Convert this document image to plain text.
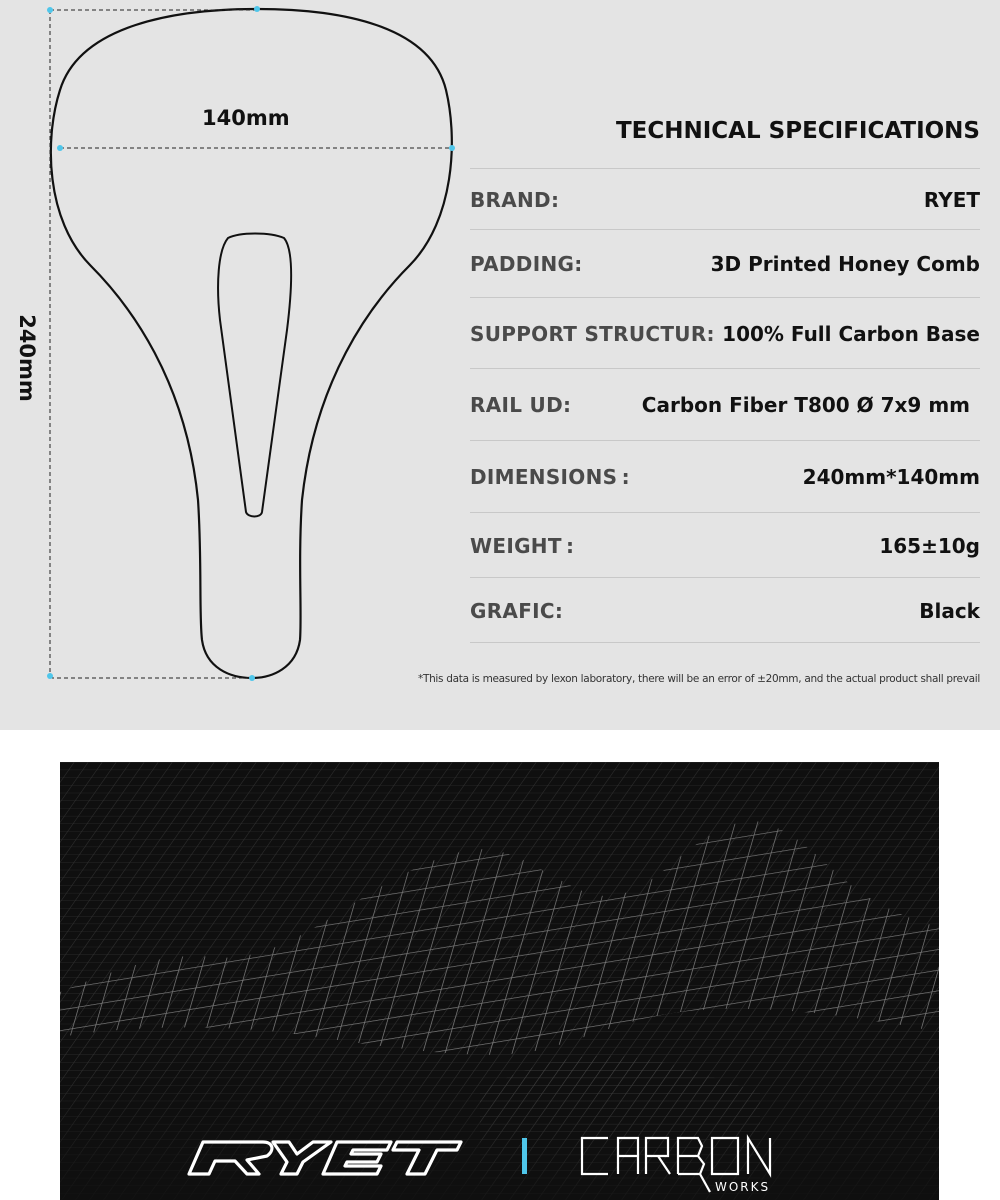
140mm
240mm
TECHNICAL SPECIFICATIONS
BRAND:	RYET
PADDING:	3D Printed Honey Comb
SUPPORT STRUCTUR: 100% Full Carbon Base
RAIL UD:	Carbon Fiber T800 Ø 7x9 mm
DIMENSIONS :	240mm*140mm
WEIGHT :	165±10g
GRAFIC:	Black
*This data is measured by lexon laboratory, there will be an error of ±20mm, and the actual product shall prevail
WORKS
